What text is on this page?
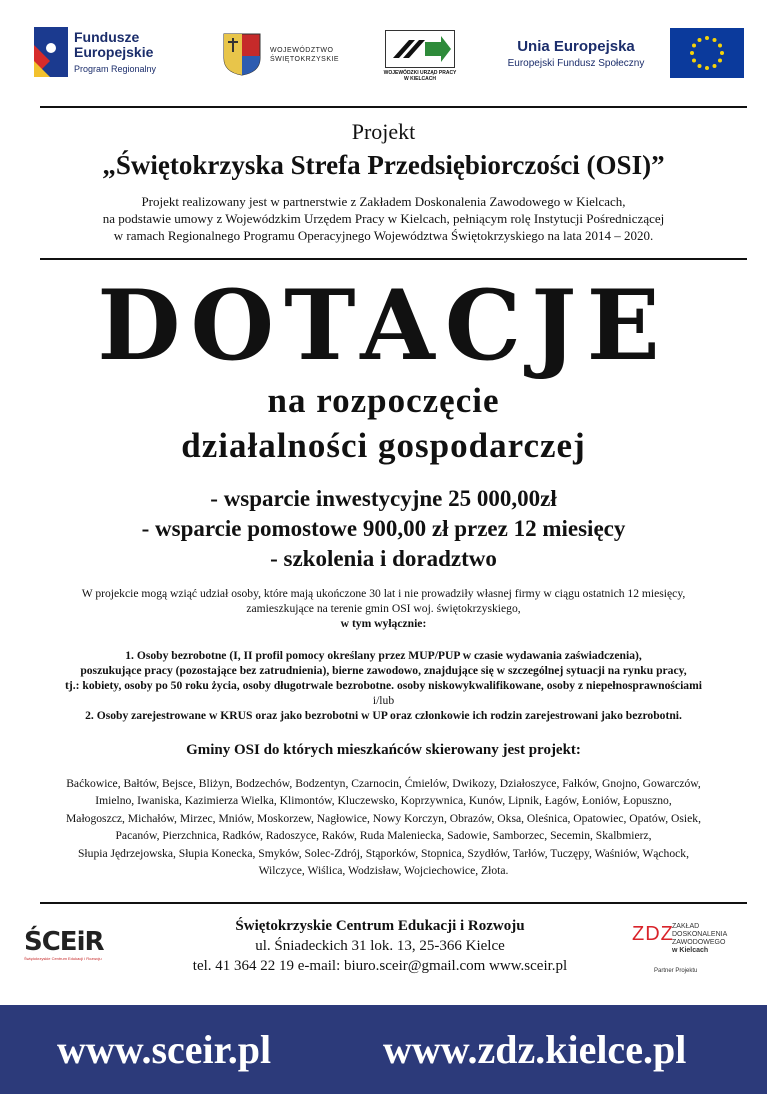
Fundusze
Europejskie
Program Regionalny
WOJEWÓDZTWO
ŚWIĘTOKRZYSKIE
WOJEWÓDZKI URZĄD PRACY
W KIELCACH
Unia Europejska
Europejski Fundusz Społeczny
Projekt
„Świętokrzyska Strefa Przedsiębiorczości (OSI)”
Projekt realizowany jest w partnerstwie z Zakładem Doskonalenia Zawodowego w Kielcach,
na podstawie umowy z Wojewódzkim Urzędem Pracy w Kielcach, pełniącym rolę Instytucji Pośredniczącej
w ramach Regionalnego Programu Operacyjnego Województwa Świętokrzyskiego na lata 2014 – 2020.
DOTACJE
na rozpoczęcie
działalności gospodarczej
- wsparcie inwestycyjne 25 000,00zł
- wsparcie pomostowe 900,00 zł przez 12 miesięcy
- szkolenia i doradztwo
W projekcie mogą wziąć udział osoby, które mają ukończone 30 lat i nie prowadziły własnej firmy w ciągu ostatnich 12 miesięcy,
zamieszkujące na terenie gmin OSI woj. świętokrzyskiego,
w tym wyłącznie:
1. Osoby bezrobotne (I, II profil pomocy określany przez MUP/PUP w czasie wydawania zaświadczenia),
poszukujące pracy (pozostające bez zatrudnienia), bierne zawodowo, znajdujące się w szczególnej sytuacji na rynku pracy,
tj.: kobiety, osoby po 50 roku życia, osoby długotrwale bezrobotne. osoby niskowykwalifikowane, osoby z niepełnosprawnościami
i/lub
2. Osoby zarejestrowane w KRUS oraz jako bezrobotni w UP oraz członkowie ich rodzin zarejestrowani jako bezrobotni.
Gminy OSI do których mieszkańców skierowany jest projekt:
Baćkowice, Bałtów, Bejsce, Bliżyn, Bodzechów, Bodzentyn, Czarnocin, Ćmielów, Dwikozy, Działoszyce, Fałków, Gnojno, Gowarczów,
Imielno, Iwaniska, Kazimierza Wielka, Klimontów, Kluczewsko, Koprzywnica, Kunów, Lipnik, Łagów, Łoniów, Łopuszno,
Małogoszcz, Michałów, Mirzec, Mniów, Moskorzew, Nagłowice, Nowy Korczyn, Obrazów, Oksa, Oleśnica, Opatowiec, Opatów, Osiek,
Pacanów, Pierzchnica, Radków, Radoszyce, Raków, Ruda Malenieck​a, Sadowie, Samborzec, Secemin, Skalbmierz,
Słupia Jędrzejowska, Słupia Konecka, Smyków, Solec-Zdrój, Stąporków, Stopnica, Szydłów, Tarłów, Tuczępy, Waśniów, Wąchock,
Wilczyce, Wiślica, Wodzisław, Wojciechowice, Złota.
ŚCEiR
Świętokrzyskie Centrum Edukacji i Rozwoju
Świętokrzyskie Centrum Edukacji i Rozwoju
ul. Śniadeckich 31 lok. 13, 25-366 Kielce
tel. 41 364 22 19 e-mail: biuro.sceir@gmail.com www.sceir.pl
ZDZ
ZAKŁAD
DOSKONALENIA
ZAWODOWEGO
w Kielcach
Partner Projektu
www.sceir.pl	www.zdz.kielce.pl
